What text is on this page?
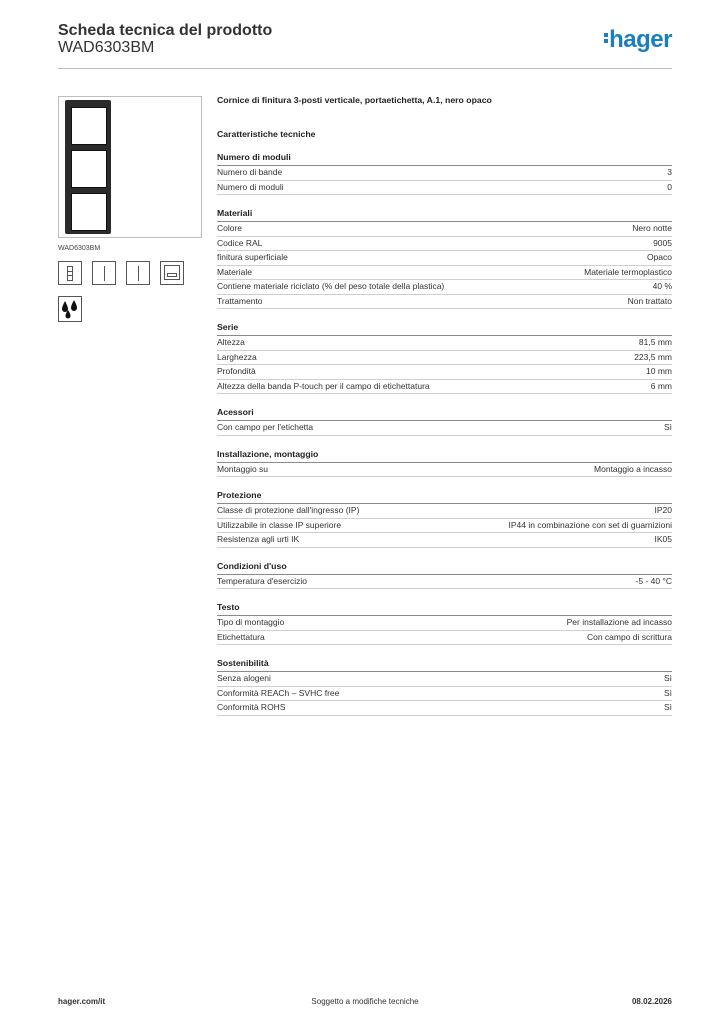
Scheda tecnica del prodotto
WAD6303BM	hager
WAD6303BM
Cornice di finitura 3-posti verticale, portaetichetta, A.1, nero opaco
Caratteristiche tecniche
Numero di moduli
Numero di bande	3
Numero di moduli	0
Materiali
Colore	Nero notte
Codice RAL	9005
finitura superficiale	Opaco
Materiale	Materiale termoplastico
Contiene materiale riciclato (% del peso totale della plastica)	40 %
Trattamento	Non trattato
Serie
Altezza	81,5 mm
Larghezza	223,5 mm
Profondità	10 mm
Altezza della banda P-touch per il campo di etichettatura	6 mm
Acessori
Con campo per l'etichetta	Sì
Installazione, montaggio
Montaggio su	Montaggio a incasso
Protezione
Classe di protezione dall'ingresso (IP)	IP20
Utilizzabile in classe IP superiore	IP44 in combinazione con set di guarnizioni
Resistenza agli urti IK	IK05
Condizioni d'uso
Temperatura d'esercizio	-5 - 40 °C
Testo
Tipo di montaggio	Per installazione ad incasso
Etichettatura	Con campo di scrittura
Sostenibilità
Senza alogeni	Sì
Conformità REACh – SVHC free	Sì
Conformità ROHS	Sì
hager.com/it	Soggetto a modifiche tecniche	08.02.2026
